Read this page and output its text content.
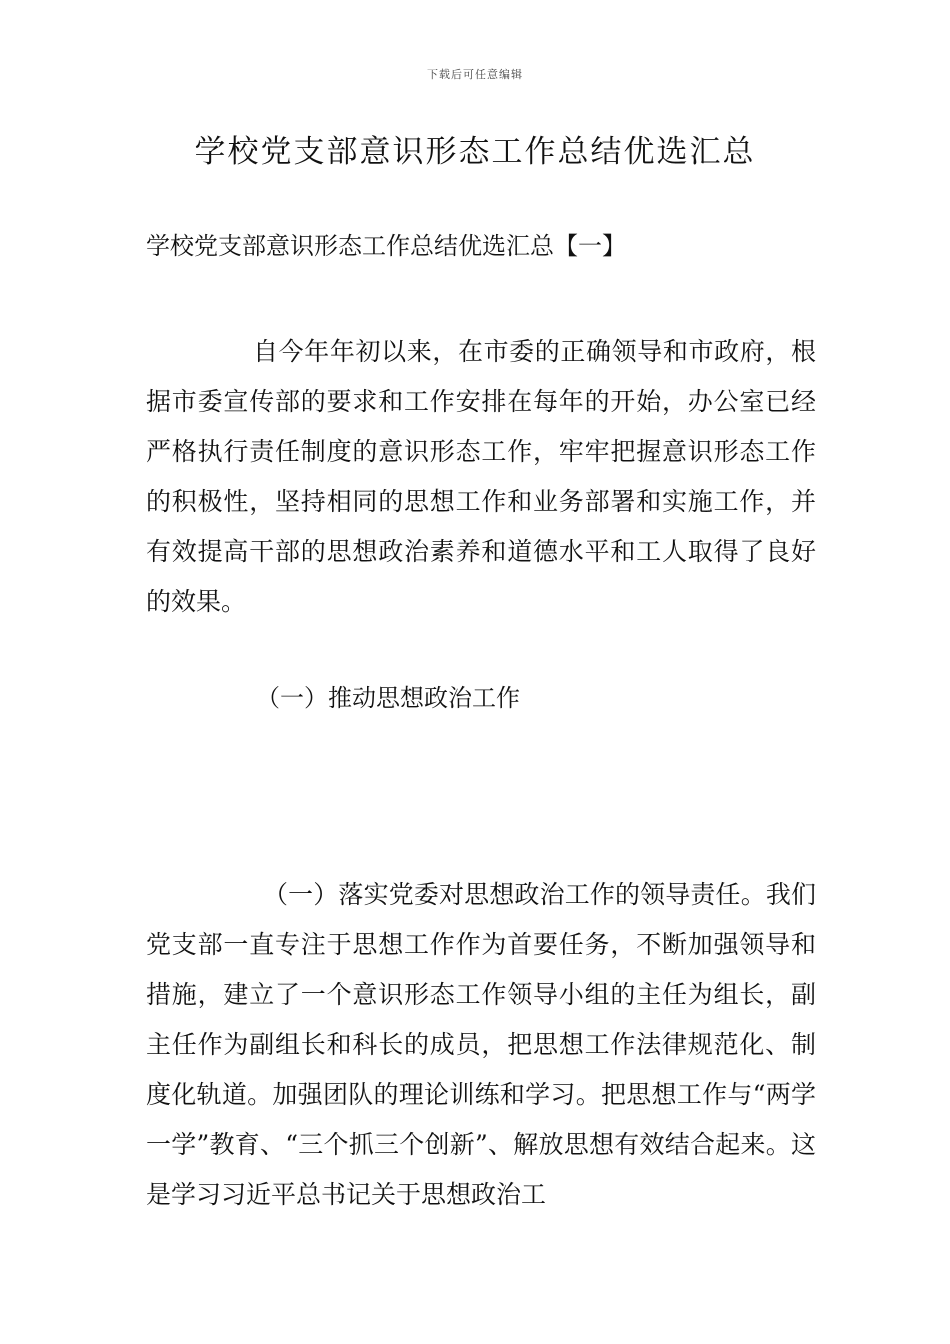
下载后可任意编辑
学校党支部意识形态工作总结优选汇总
学校党支部意识形态工作总结优选汇总【一】

自今年年初以来，在市委的正确领导和市政府，根据市委宣传部的要求和工作安排在每年的开始，办公室已经严格执行责任制度的意识形态工作，牢牢把握意识形态工作的积极性，坚持相同的思想工作和业务部署和实施工作，并有效提高干部的思想政治素养和道德水平和工人取得了良好的效果。

（一）推动思想政治工作

（一）落实党委对思想政治工作的领导责任。我们党支部一直专注于思想工作作为首要任务，不断加强领导和措施，建立了一个意识形态工作领导小组的主任为组长，副主任作为副组长和科长的成员，把思想工作法律规范化、制度化轨道。加强团队的理论训练和学习。把思想工作与“两学一学”教育、“三个抓三个创新”、解放思想有效结合起来。这是学习习近平总书记关于思想政治工
